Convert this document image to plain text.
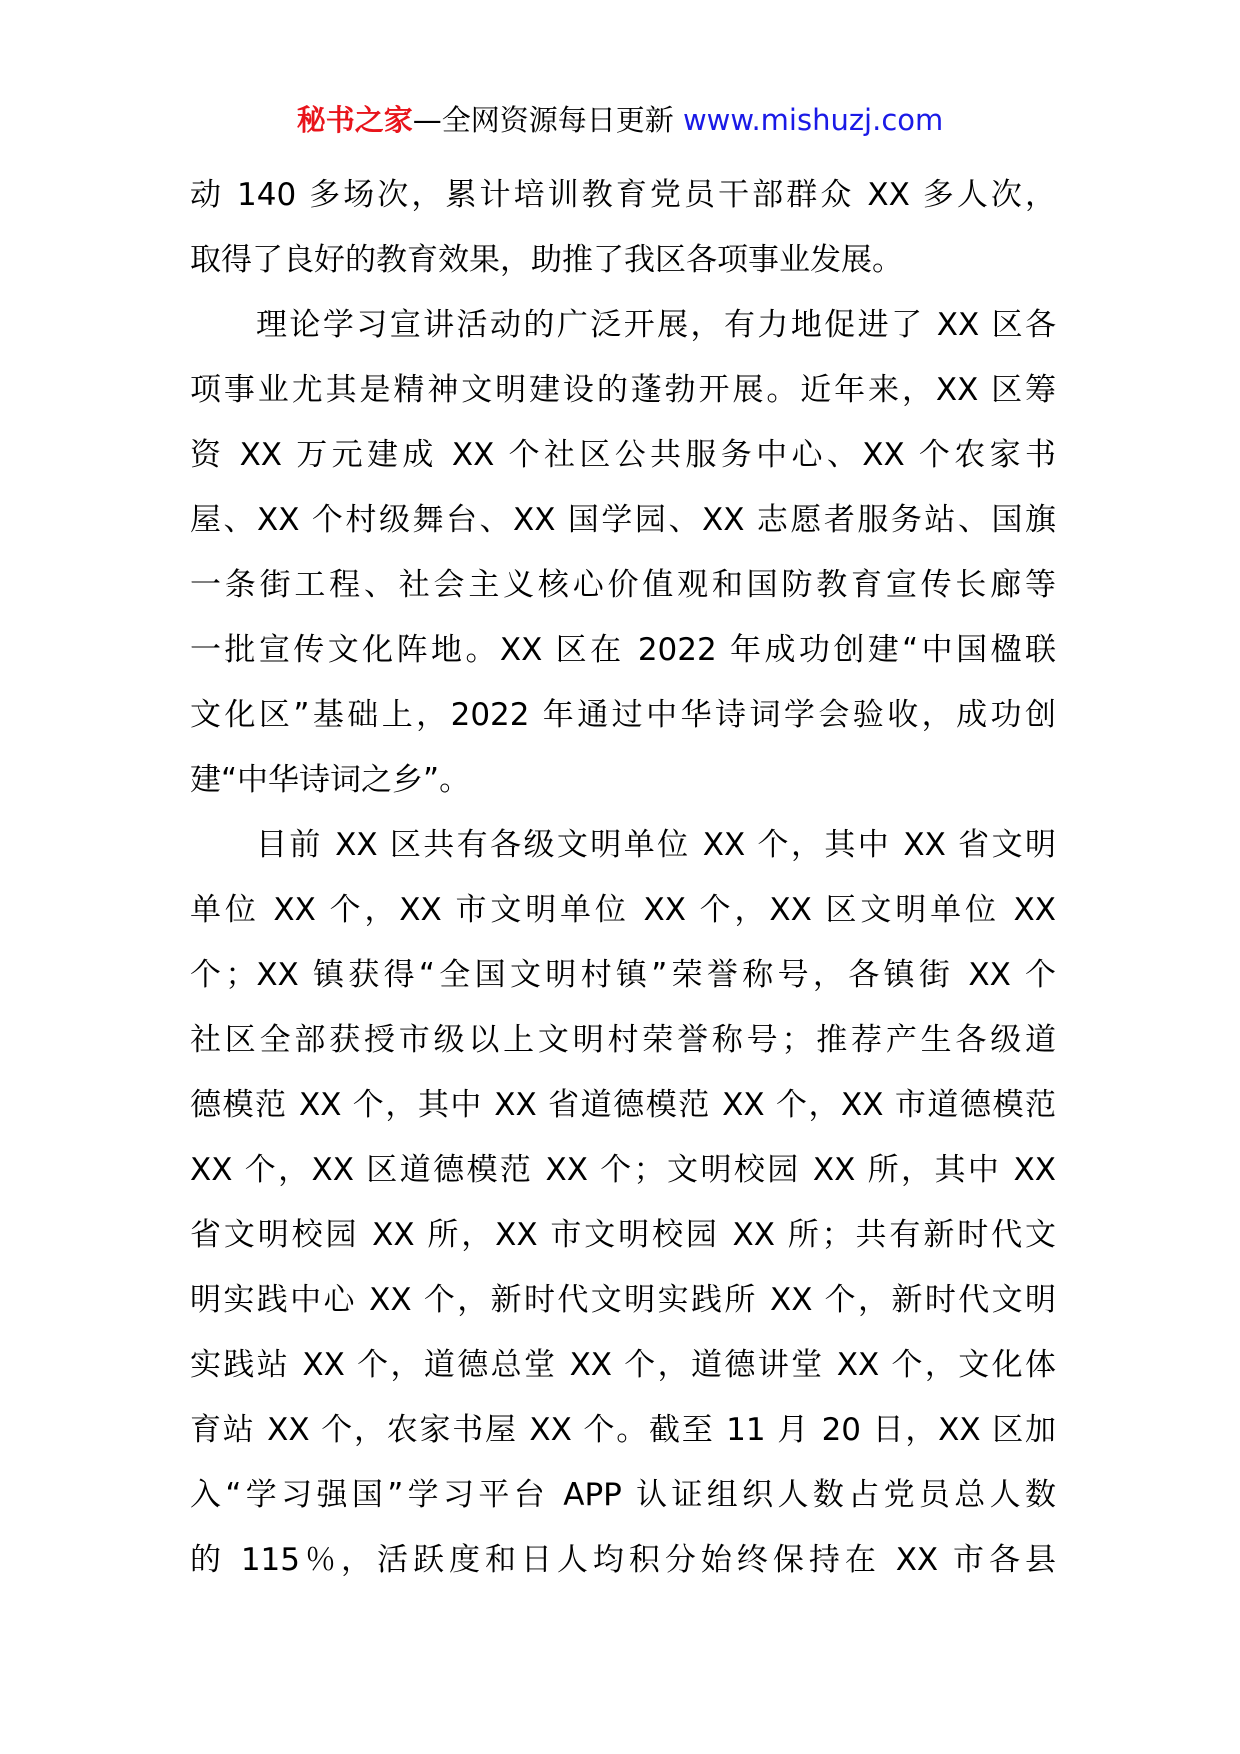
秘书之家—全网资源每日更新 www.mishuzj.com
动 140 多场次，累计培训教育党员干部群众 XX 多人次，
取得了良好的教育效果，助推了我区各项事业发展。
理论学习宣讲活动的广泛开展，有力地促进了 XX 区各
项事业尤其是精神文明建设的蓬勃开展。近年来，XX 区筹
资 XX 万元建成 XX 个社区公共服务中心、XX 个农家书
屋、XX 个村级舞台、XX 国学园、XX 志愿者服务站、国旗
一条街工程、社会主义核心价值观和国防教育宣传长廊等
一批宣传文化阵地。XX 区在 2022 年成功创建“中国楹联
文化区”基础上，2022 年通过中华诗词学会验收，成功创
建“中华诗词之乡”。
目前 XX 区共有各级文明单位 XX 个，其中 XX 省文明
单位 XX 个，XX 市文明单位 XX 个，XX 区文明单位 XX
个；XX 镇获得“全国文明村镇”荣誉称号，各镇街 XX 个
社区全部获授市级以上文明村荣誉称号；推荐产生各级道
德模范 XX 个，其中 XX 省道德模范 XX 个，XX 市道德模范
XX 个，XX 区道德模范 XX 个；文明校园 XX 所，其中 XX
省文明校园 XX 所，XX 市文明校园 XX 所；共有新时代文
明实践中心 XX 个，新时代文明实践所 XX 个，新时代文明
实践站 XX 个，道德总堂 XX 个，道德讲堂 XX 个，文化体
育站 XX 个，农家书屋 XX 个。截至 11 月 20 日，XX 区加
入“学习强国”学习平台 APP 认证组织人数占党员总人数
的 115％，活跃度和日人均积分始终保持在 XX 市各县
